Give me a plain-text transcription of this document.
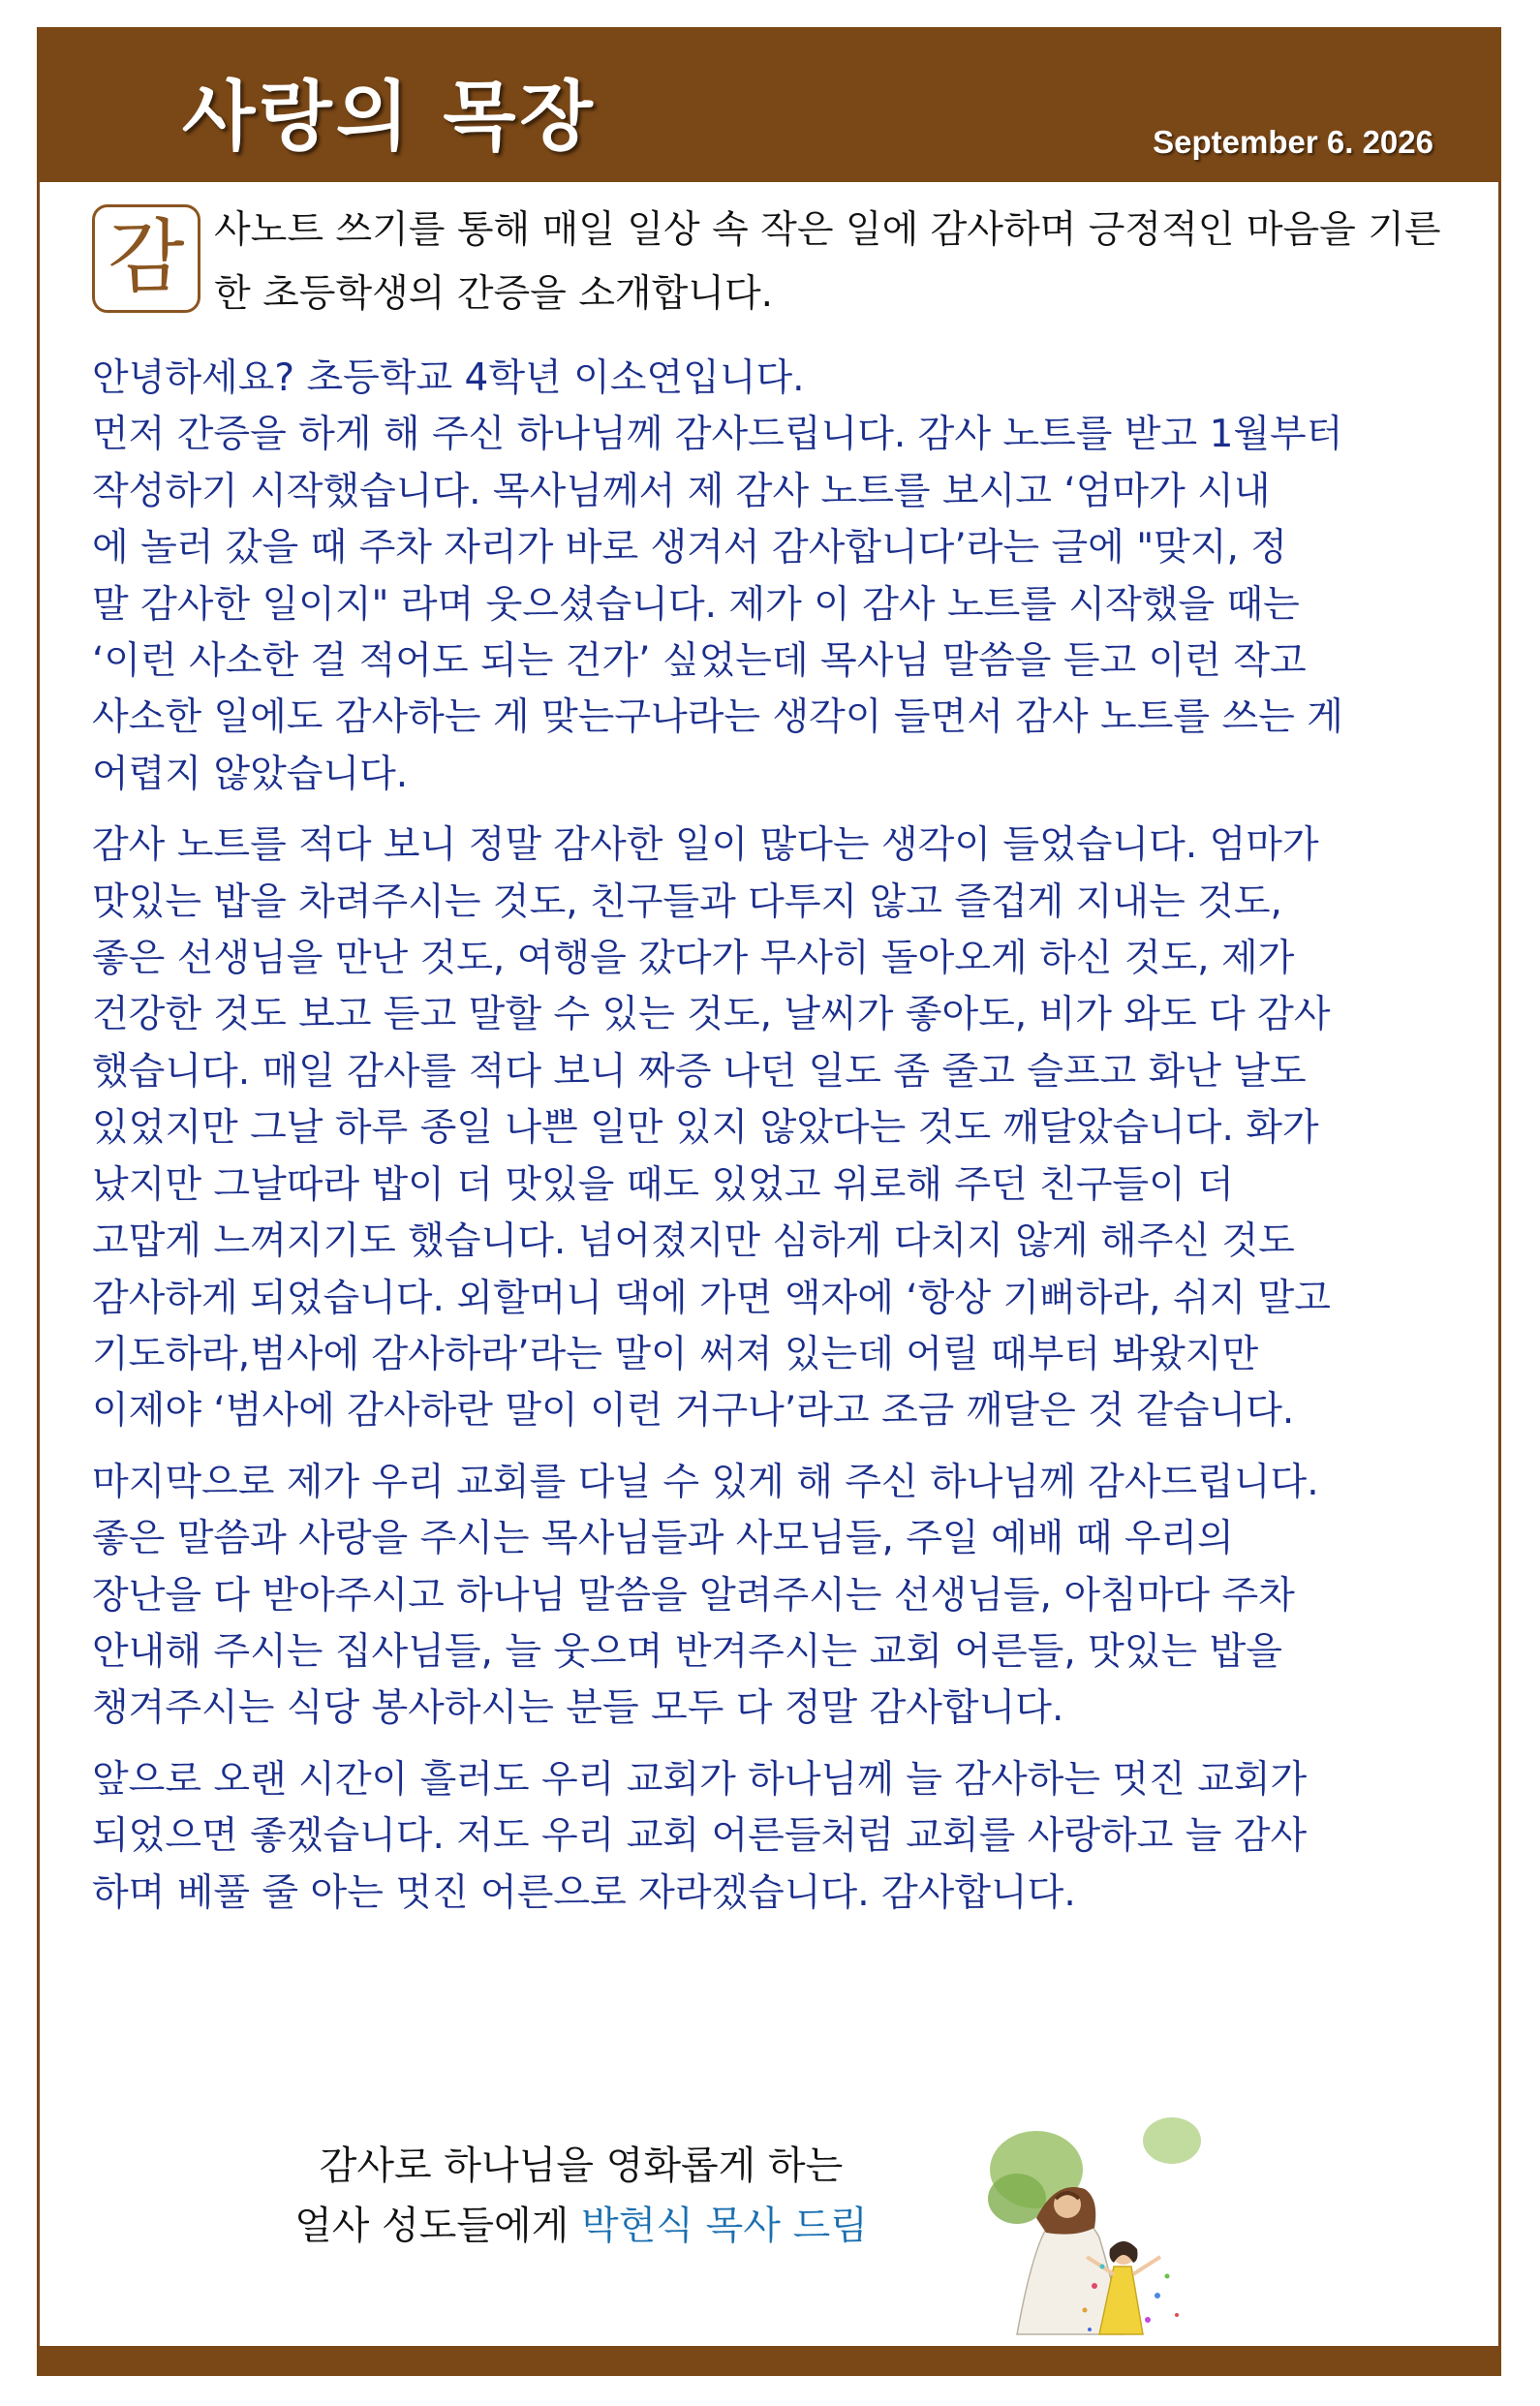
사랑의 목장	September 6. 2026
감 사노트 쓰기를 통해 매일 일상 속 작은 일에 감사하며 긍정적인 마음을 기른 한 초등학생의 간증을 소개합니다.

안녕하세요? 초등학교 4학년 이소연입니다.
먼저 간증을 하게 해 주신 하나님께 감사드립니다. 감사 노트를 받고 1월부터
작성하기 시작했습니다. 목사님께서 제 감사 노트를 보시고 ‘엄마가 시내
에 놀러 갔을 때 주차 자리가 바로 생겨서 감사합니다’라는 글에 "맞지, 정
말 감사한 일이지" 라며 웃으셨습니다. 제가 이 감사 노트를 시작했을 때는
‘이런 사소한 걸 적어도 되는 건가’ 싶었는데 목사님 말씀을 듣고 이런 작고
사소한 일에도 감사하는 게 맞는구나라는 생각이 들면서 감사 노트를 쓰는 게
어렵지 않았습니다.

감사 노트를 적다 보니 정말 감사한 일이 많다는 생각이 들었습니다. 엄마가
맛있는 밥을 차려주시는 것도, 친구들과 다투지 않고 즐겁게 지내는 것도,
좋은 선생님을 만난 것도, 여행을 갔다가 무사히 돌아오게 하신 것도, 제가
건강한 것도 보고 듣고 말할 수 있는 것도, 날씨가 좋아도, 비가 와도 다 감사
했습니다. 매일 감사를 적다 보니 짜증 나던 일도 좀 줄고 슬프고 화난 날도
있었지만 그날 하루 종일 나쁜 일만 있지 않았다는 것도 깨달았습니다. 화가
났지만 그날따라 밥이 더 맛있을 때도 있었고 위로해 주던 친구들이 더
고맙게 느껴지기도 했습니다. 넘어졌지만 심하게 다치지 않게 해주신 것도
감사하게 되었습니다. 외할머니 댁에 가면 액자에 ‘항상 기뻐하라, 쉬지 말고
기도하라,범사에 감사하라’라는 말이 써져 있는데 어릴 때부터 봐왔지만
이제야 ‘범사에 감사하란 말이 이런 거구나’라고 조금 깨달은 것 같습니다.

마지막으로 제가 우리 교회를 다닐 수 있게 해 주신 하나님께 감사드립니다.
좋은 말씀과 사랑을 주시는 목사님들과 사모님들, 주일 예배 때 우리의
장난을 다 받아주시고 하나님 말씀을 알려주시는 선생님들, 아침마다 주차
안내해 주시는 집사님들, 늘 웃으며 반겨주시는 교회 어른들, 맛있는 밥을
챙겨주시는 식당 봉사하시는 분들 모두 다 정말 감사합니다.

앞으로 오랜 시간이 흘러도 우리 교회가 하나님께 늘 감사하는 멋진 교회가
되었으면 좋겠습니다. 저도 우리 교회 어른들처럼 교회를 사랑하고 늘 감사
하며 베풀 줄 아는 멋진 어른으로 자라겠습니다. 감사합니다.

감사로 하나님을 영화롭게 하는
얼사 성도들에게 박현식 목사 드림
